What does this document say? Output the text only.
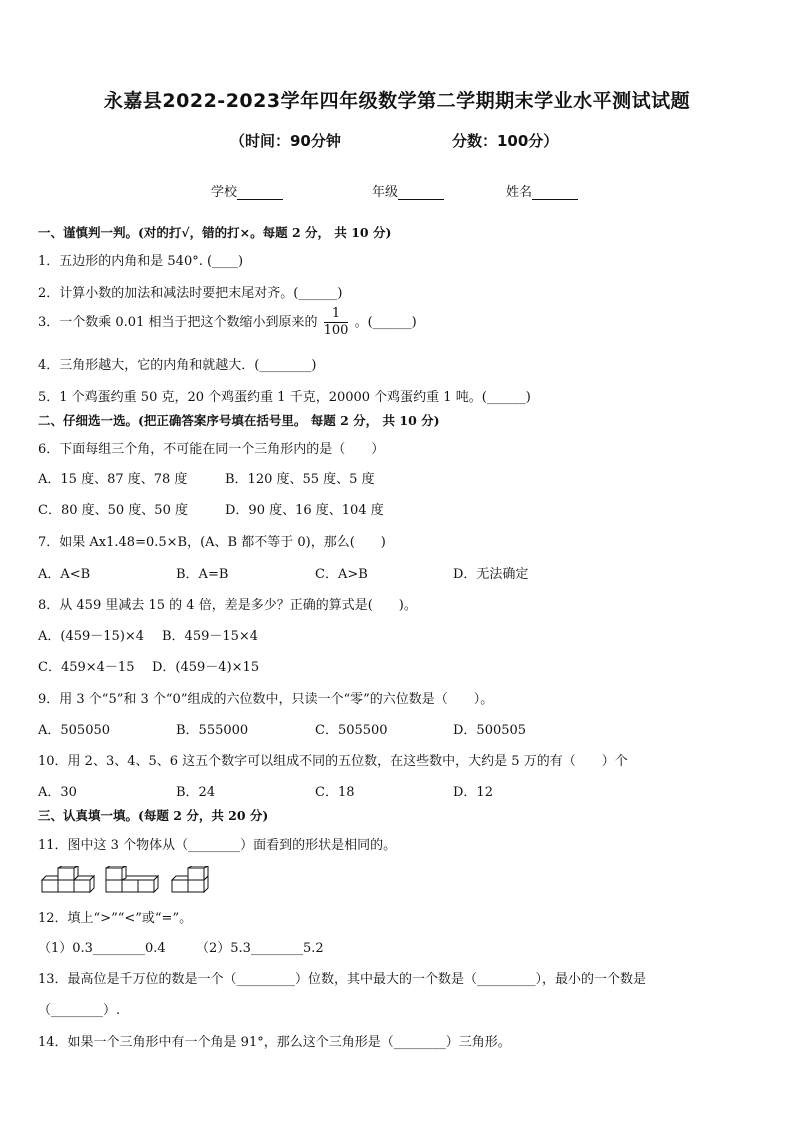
永嘉县2022-2023学年四年级数学第二学期期末学业水平测试试题
（时间：90分钟	分数：100分）
学校	年级	姓名
一、谨慎判一判。(对的打√，错的打×。每题 2 分， 共 10 分)
1．五边形的内角和是 540°. (____)
2．计算小数的加法和减法时要把末尾对齐。(______)
3．一个数乘 0.01 相当于把这个数缩小到原来的 $\frac{1}{100}$ 。(______)
4．三角形越大，它的内角和就越大．(________)
5．1 个鸡蛋约重 50 克，20 个鸡蛋约重 1 千克，20000 个鸡蛋约重 1 吨。(______)
二、仔细选一选。(把正确答案序号填在括号里。 每题 2 分， 共 10 分)
6．下面每组三个角，不可能在同一个三角形内的是（　　）
A．15 度、87 度、78 度	B．120 度、55 度、5 度
C．80 度、50 度、50 度	D．90 度、16 度、104 度
7．如果 Ax1.48=0.5×B，(A、B 都不等于 0)，那么(　　)
A．A<B	B．A=B	C．A>B	D．无法确定
8．从 459 里减去 15 的 4 倍，差是多少？正确的算式是(　　)。
A．(459－15)×4 B．459－15×4
C．459×4－15 D．(459－4)×15
9．用 3 个“5”和 3 个“0”组成的六位数中，只读一个“零”的六位数是（　　）。
A．505050	B．555000	C．505500	D．500505
10．用 2、3、4、5、6 这五个数字可以组成不同的五位数，在这些数中，大约是 5 万的有（　　）个
A．30	B．24	C．18	D．12
三、认真填一填。(每题 2 分，共 20 分)
11．图中这 3 个物体从（________）面看到的形状是相同的。
12．填上“>”“<”或“=”。
（1）0.3________0.4 （2）5.3________5.2
13．最高位是千万位的数是一个（_________）位数，其中最大的一个数是（_________），最小的一个数是
（________）.
14．如果一个三角形中有一个角是 91°，那么这个三角形是（________）三角形。
